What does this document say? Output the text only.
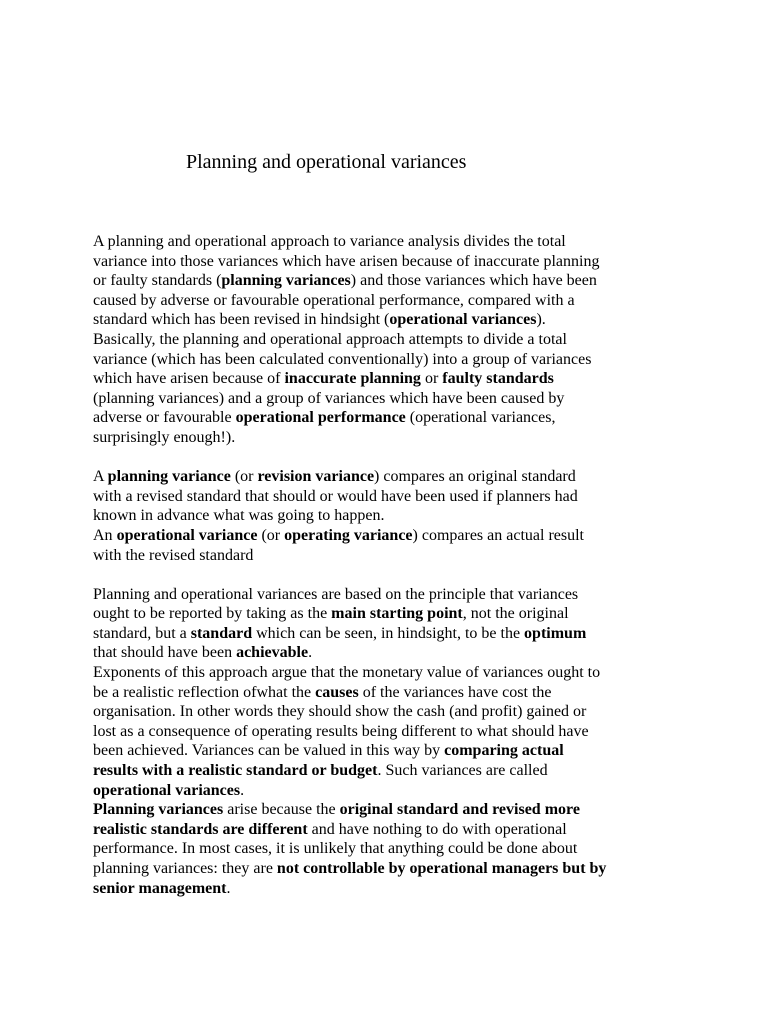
Planning and operational variances
A planning and operational approach to variance analysis divides the total
variance into those variances which have arisen because of inaccurate planning
or faulty standards (planning variances) and those variances which have been
caused by adverse or favourable operational performance, compared with a
standard which has been revised in hindsight (operational variances).
Basically, the planning and operational approach attempts to divide a total
variance (which has been calculated conventionally) into a group of variances
which have arisen because of inaccurate planning or faulty standards
(planning variances) and a group of variances which have been caused by
adverse or favourable operational performance (operational variances,
surprisingly enough!).
A planning variance (or revision variance) compares an original standard
with a revised standard that should or would have been used if planners had
known in advance what was going to happen.
An operational variance (or operating variance) compares an actual result
with the revised standard
Planning and operational variances are based on the principle that variances
ought to be reported by taking as the main starting point, not the original
standard, but a standard which can be seen, in hindsight, to be the optimum
that should have been achievable.
Exponents of this approach argue that the monetary value of variances ought to
be a realistic reflection ofwhat the causes of the variances have cost the
organisation. In other words they should show the cash (and profit) gained or
lost as a consequence of operating results being different to what should have
been achieved. Variances can be valued in this way by comparing actual
results with a realistic standard or budget. Such variances are called
operational variances.
Planning variances arise because the original standard and revised more
realistic standards are different and have nothing to do with operational
performance. In most cases, it is unlikely that anything could be done about
planning variances: they are not controllable by operational managers but by
senior management.
